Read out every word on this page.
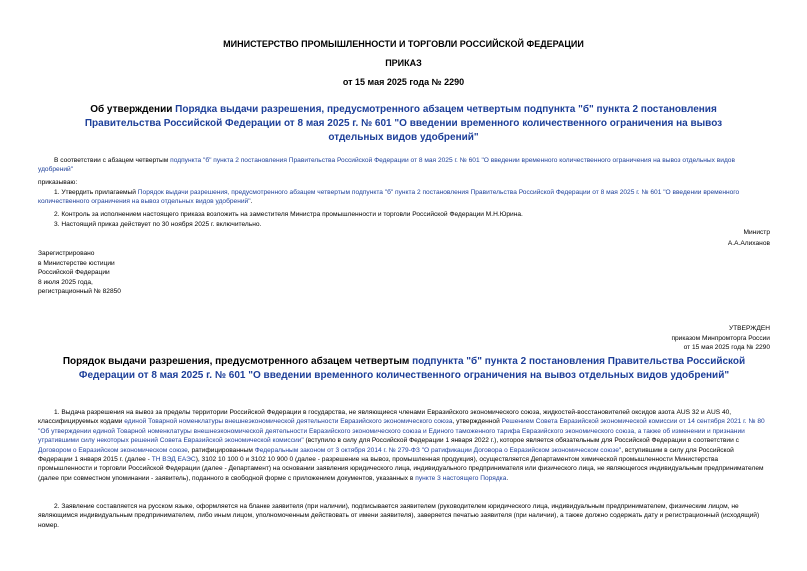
МИНИСТЕРСТВО ПРОМЫШЛЕННОСТИ И ТОРГОВЛИ РОССИЙСКОЙ ФЕДЕРАЦИИ
ПРИКАЗ
от 15 мая 2025 года № 2290
Об утверждении Порядка выдачи разрешения, предусмотренного абзацем четвертым подпункта "б" пункта 2 постановления Правительства Российской Федерации от 8 мая 2025 г. № 601 "О введении временного количественного ограничения на вывоз отдельных видов удобрений"

В соответствии с абзацем четвертым подпункта "б" пункта 2 постановления Правительства Российской Федерации от 8 мая 2025 г. № 601 "О введении временного количественного ограничения на вывоз отдельных видов удобрений"

приказываю:

1. Утвердить прилагаемый Порядок выдачи разрешения, предусмотренного абзацем четвертым подпункта "б" пункта 2 постановления Правительства Российской Федерации от 8 мая 2025 г. № 601 "О введении временного количественного ограничения на вывоз отдельных видов удобрений".

2. Контроль за исполнением настоящего приказа возложить на заместителя Министра промышленности и торговли Российской Федерации М.Н.Юрина.

3. Настоящий приказ действует по 30 ноября 2025 г. включительно.

Министр
А.А.Алиханов
Зарегистрировано
в Министерстве юстиции
Российской Федерации
8 июля 2025 года,
регистрационный № 82850
УТВЕРЖДЕН
приказом Минпромторга России
от 15 мая 2025 года № 2290
Порядок выдачи разрешения, предусмотренного абзацем четвертым подпункта "б" пункта 2 постановления Правительства Российской Федерации от 8 мая 2025 г. № 601 "О введении временного количественного ограничения на вывоз отдельных видов удобрений"

1. Выдача разрешения на вывоз за пределы территории Российской Федерации в государства, не являющиеся членами Евразийского экономического союза, жидкостей-восстановителей оксидов азота AUS 32 и AUS 40, классифицируемых кодами единой Товарной номенклатуры внешнеэкономической деятельности Евразийского экономического союза, утвержденной Решением Совета Евразийской экономической комиссии от 14 сентября 2021 г. № 80 "Об утверждении единой Товарной номенклатуры внешнеэкономической деятельности Евразийского экономического союза и Единого таможенного тарифа Евразийского экономического союза, а также об изменении и признании утратившими силу некоторых решений Совета Евразийской экономической комиссии" (вступило в силу для Российской Федерации 1 января 2022 г.), которое является обязательным для Российской Федерации в соответствии с Договором о Евразийском экономическом союзе, ратифицированным Федеральным законом от 3 октября 2014 г. № 279-ФЗ "О ратификации Договора о Евразийском экономическом союзе", вступившим в силу для Российской Федерации 1 января 2015 г. (далее - ТН ВЭД ЕАЭС), 3102 10 100 0 и 3102 10 900 0 (далее - разрешение на вывоз, промышленная продукция), осуществляется Департаментом химической промышленности Министерства промышленности и торговли Российской Федерации (далее - Департамент) на основании заявления юридического лица, индивидуального предпринимателя или физического лица, не являющегося индивидуальным предпринимателем (далее при совместном упоминании - заявитель), поданного в свободной форме с приложением документов, указанных в пункте 3 настоящего Порядка.

2. Заявление составляется на русском языке, оформляется на бланке заявителя (при наличии), подписывается заявителем (руководителем юридического лица, индивидуальным предпринимателем, физическим лицом, не являющимся индивидуальным предпринимателем, либо иным лицом, уполномоченным действовать от имени заявителя), заверяется печатью заявителя (при наличии), а также должно содержать дату и регистрационный (исходящий) номер.
